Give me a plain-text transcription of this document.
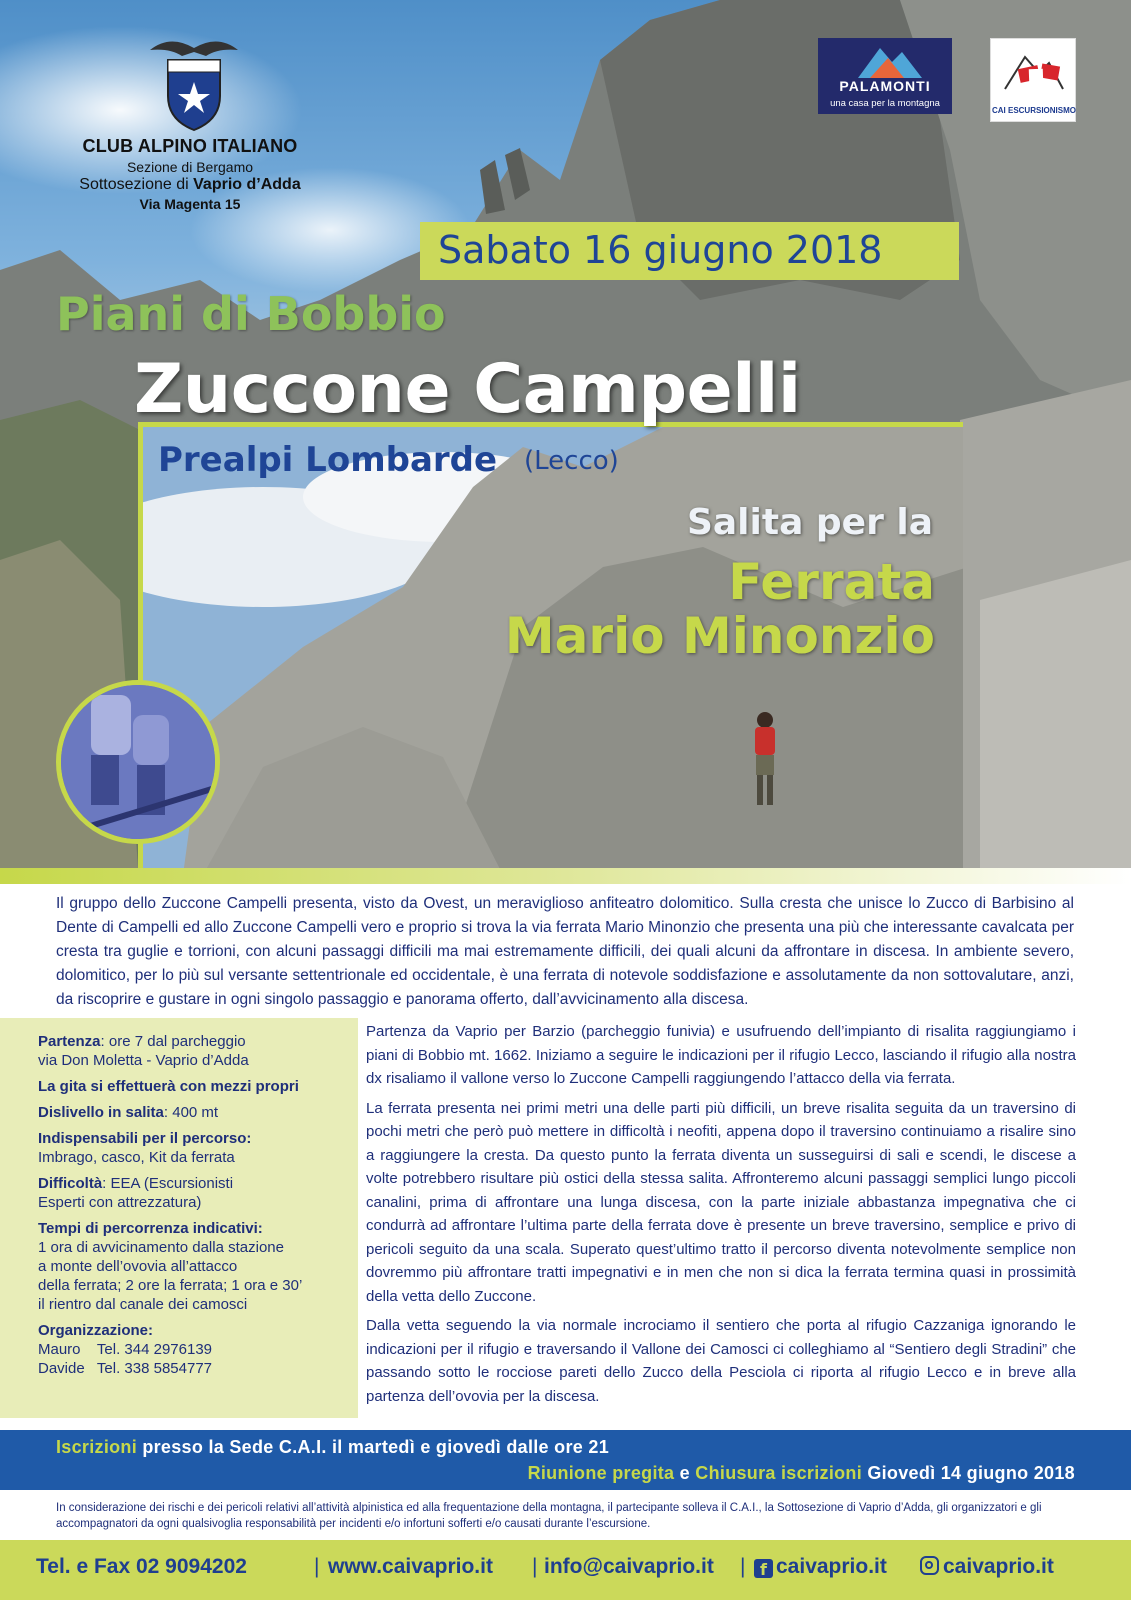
CLUB ALPINO ITALIANO
Sezione di Bergamo
Sottosezione di Vaprio d’Adda
Via Magenta 15
PALAMONTI
una casa per la montagna
CAI ESCURSIONISMO
Sabato 16 giugno 2018
Piani di Bobbio
Zuccone Campelli
Prealpi Lombarde (Lecco)
Salita per la
Ferrata
Mario Minonzio
Il gruppo dello Zuccone Campelli presenta, visto da Ovest, un meraviglioso anfiteatro dolomitico. Sulla cresta che unisce lo Zucco di Barbisino al Dente di Campelli ed allo Zuccone Campelli vero e proprio si trova la via ferrata Mario Minonzio che presenta una più che interessante cavalcata per cresta tra guglie e torrioni, con alcuni passaggi difficili ma mai estremamente difficili, dei quali alcuni da affrontare in discesa. In ambiente severo, dolomitico, per lo più sul versante settentrionale ed occidentale, è una ferrata di notevole soddisfazione e assolutamente da non sottovalutare, anzi, da riscoprire e gustare in ogni singolo passaggio e panorama offerto, dall’avvicinamento alla discesa.
Partenza: ore 7 dal parcheggio
via Don Moletta - Vaprio d’Adda
La gita si effettuerà con mezzi propri
Dislivello in salita: 400 mt
Indispensabili per il percorso:
Imbrago, casco, Kit da ferrata
Difficoltà: EEA (Escursionisti
Esperti con attrezzatura)
Tempi di percorrenza indicativi:
1 ora di avvicinamento dalla stazione
a monte dell’ovovia all’attacco
della ferrata; 2 ore la ferrata; 1 ora e 30’
il rientro dal canale dei camosci
Organizzazione:
Mauro    Tel. 344 2976139
Davide   Tel. 338 5854777

Partenza da Vaprio per Barzio (parcheggio funivia) e usufruendo dell’impianto di risalita raggiungiamo i piani di Bobbio mt. 1662. Iniziamo a seguire le indicazioni per il rifugio Lecco, lasciando il rifugio alla nostra dx risaliamo il vallone verso lo Zuccone Campelli raggiungendo l’attacco della via ferrata.

La ferrata presenta nei primi metri una delle parti più difficili, un breve risalita seguita da un traversino di pochi metri che però può mettere in difficoltà i neofiti, appena dopo il traversino continuiamo a risalire sino a raggiungere la cresta. Da questo punto la ferrata diventa un susseguirsi di sali e scendi, le discese a volte potrebbero risultare più ostici della stessa salita. Affronteremo alcuni passaggi semplici lungo piccoli canalini, prima di affrontare una lunga discesa, con la parte iniziale abbastanza impegnativa che ci condurrà ad affrontare l’ultima parte della ferrata dove è presente un breve traversino, semplice e privo di pericoli seguito da una scala. Superato quest’ultimo tratto il percorso diventa notevolmente semplice non dovremmo più affrontare tratti impegnativi e in men che non si dica la ferrata termina quasi in prossimità della vetta dello Zuccone.

Dalla vetta seguendo la via normale incrociamo il sentiero che porta al rifugio Cazzaniga ignorando le indicazioni per il rifugio e traversando il Vallone dei Camosci ci colleghiamo al “Sentiero degli Stradini” che passando sotto le rocciose pareti dello Zucco della Pesciola ci riporta al rifugio Lecco e in breve alla partenza dell’ovovia per la discesa.

Iscrizioni presso la Sede C.A.I. il martedì e giovedì dalle ore 21
Riunione pregita e Chiusura iscrizioni Giovedì 14 giugno 2018
In considerazione dei rischi e dei pericoli relativi all’attività alpinistica ed alla frequentazione della montagna, il partecipante solleva il C.A.I., la Sottosezione di Vaprio d’Adda, gli organizzatori e gli accompagnatori da ogni qualsivoglia responsabilità per incidenti e/o infortuni sofferti e/o causati durante l’escursione.
Tel. e Fax 02 9094202	| www.caivaprio.it | info@caivaprio.it | f caivaprio.it	caivaprio.it
